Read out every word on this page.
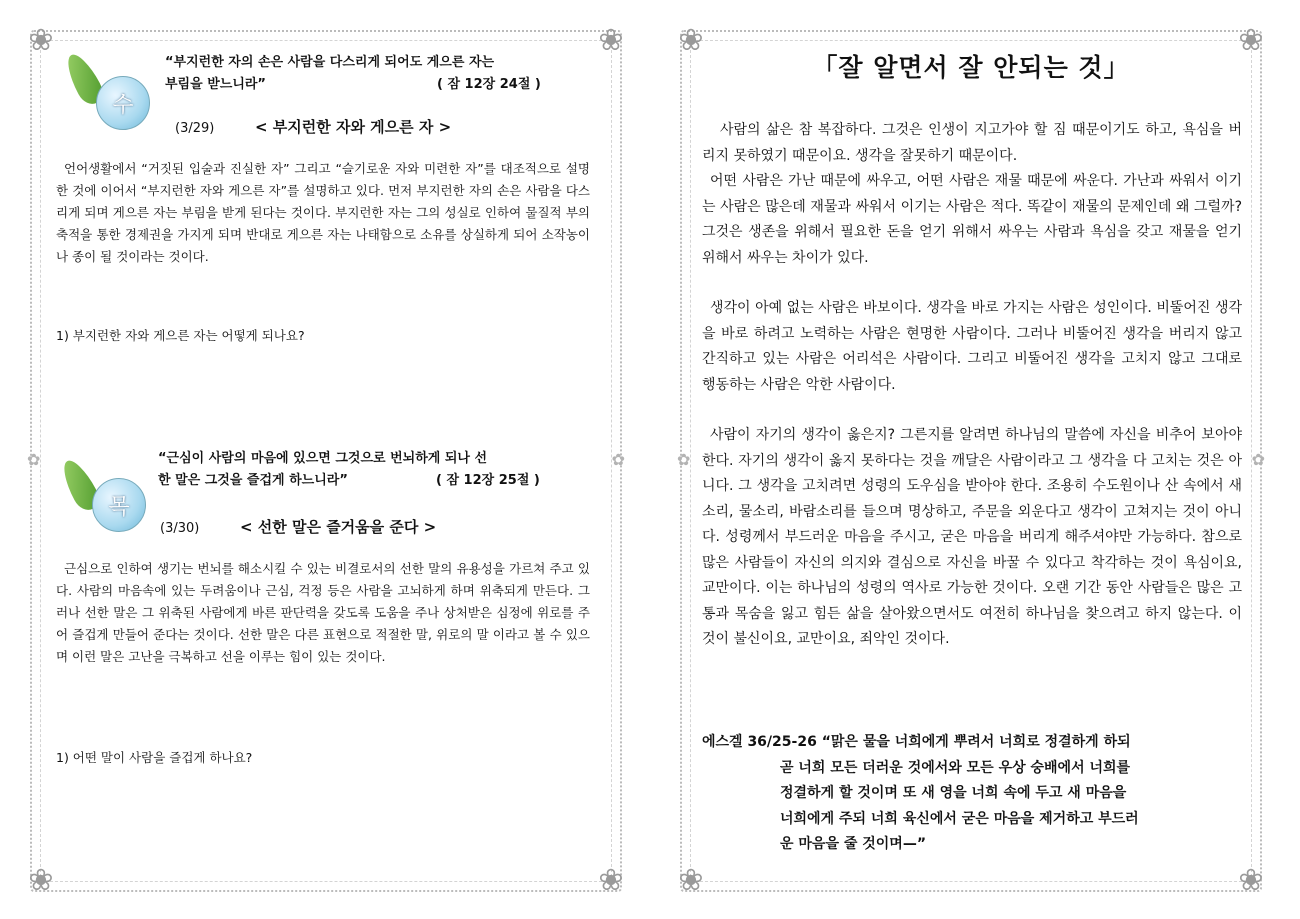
❀	❀
❀	❀
✿	✿
수
“부지런한 자의 손은 사람을 다스리게 되어도 게으른 자는
부림을 받느니라”	( 잠 12장 24절 )
(3/29)	< 부지런한 자와 게으른 자 >
언어생활에서 “거짓된 입술과 진실한 자” 그리고 “슬기로운 자와 미련한 자”를 대조적으로 설명한 것에 이어서 “부지런한 자와 게으른 자”를 설명하고 있다. 먼저 부지런한 자의 손은 사람을 다스리게 되며 게으른 자는 부림을 받게 된다는 것이다. 부지런한 자는 그의 성실로 인하여 물질적 부의 축적을 통한 경제권을 가지게 되며 반대로 게으른 자는 나태함으로 소유를 상실하게 되어 소작농이나 종이 될 것이라는 것이다.
1) 부지런한 자와 게으른 자는 어떻게 되나요?
목
“근심이 사람의 마음에 있으면 그것으로 번뇌하게 되나 선
한 말은 그것을 즐겁게 하느니라”	( 잠 12장 25절 )
(3/30)	< 선한 말은 즐거움을 준다 >
근심으로 인하여 생기는 번뇌를 해소시킬 수 있는 비결로서의 선한 말의 유용성을 가르쳐 주고 있다. 사람의 마음속에 있는 두려움이나 근심, 걱정 등은 사람을 고뇌하게 하며 위축되게 만든다. 그러나 선한 말은 그 위축된 사람에게 바른 판단력을 갖도록 도움을 주나 상처받은 심정에 위로를 주어 즐겁게 만들어 준다는 것이다. 선한 말은 다른 표현으로 적절한 말, 위로의 말 이라고 볼 수 있으며 이런 말은 고난을 극복하고 선을 이루는 힘이 있는 것이다.
1) 어떤 말이 사람을 즐겁게 하나요?
❀	❀
❀	❀
✿	✿
「잘 알면서 잘 안되는 것」
사람의 삶은 참 복잡하다. 그것은 인생이 지고가야 할 짐 때문이기도 하고, 욕심을 버리지 못하였기 때문이요. 생각을 잘못하기 때문이다.
어떤 사람은 가난 때문에 싸우고, 어떤 사람은 재물 때문에 싸운다. 가난과 싸워서 이기는 사람은 많은데 재물과 싸워서 이기는 사람은 적다. 똑같이 재물의 문제인데 왜 그럴까? 그것은 생존을 위해서 필요한 돈을 얻기 위해서 싸우는 사람과 욕심을 갖고 재물을 얻기 위해서 싸우는 차이가 있다.
생각이 아예 없는 사람은 바보이다. 생각을 바로 가지는 사람은 성인이다. 비뚤어진 생각을 바로 하려고 노력하는 사람은 현명한 사람이다. 그러나 비뚤어진 생각을 버리지 않고 간직하고 있는 사람은 어리석은 사람이다. 그리고 비뚤어진 생각을 고치지 않고 그대로 행동하는 사람은 악한 사람이다.
사람이 자기의 생각이 옳은지? 그른지를 알려면 하나님의 말씀에 자신을 비추어 보아야 한다. 자기의 생각이 옳지 못하다는 것을 깨달은 사람이라고 그 생각을 다 고치는 것은 아니다. 그 생각을 고치려면 성령의 도우심을 받아야 한다. 조용히 수도원이나 산 속에서 새소리, 물소리, 바람소리를 들으며 명상하고, 주문을 외운다고 생각이 고쳐지는 것이 아니다. 성령께서 부드러운 마음을 주시고, 굳은 마음을 버리게 해주셔야만 가능하다. 참으로 많은 사람들이 자신의 의지와 결심으로 자신을 바꿀 수 있다고 착각하는 것이 욕심이요, 교만이다. 이는 하나님의 성령의 역사로 가능한 것이다. 오랜 기간 동안 사람들은 많은 고통과 목숨을 잃고 힘든 삶을 살아왔으면서도 여전히 하나님을 찾으려고 하지 않는다. 이것이 불신이요, 교만이요, 죄악인 것이다.
에스겔 36/25-26 “맑은 물을 너희에게 뿌려서 너희로 정결하게 하되
곧 너희 모든 더러운 것에서와 모든 우상 숭배에서 너희를
정결하게 할 것이며 또 새 영을 너희 속에 두고 새 마음을
너희에게 주되 너희 육신에서 굳은 마음을 제거하고 부드러
운 마음을 줄 것이며—”
